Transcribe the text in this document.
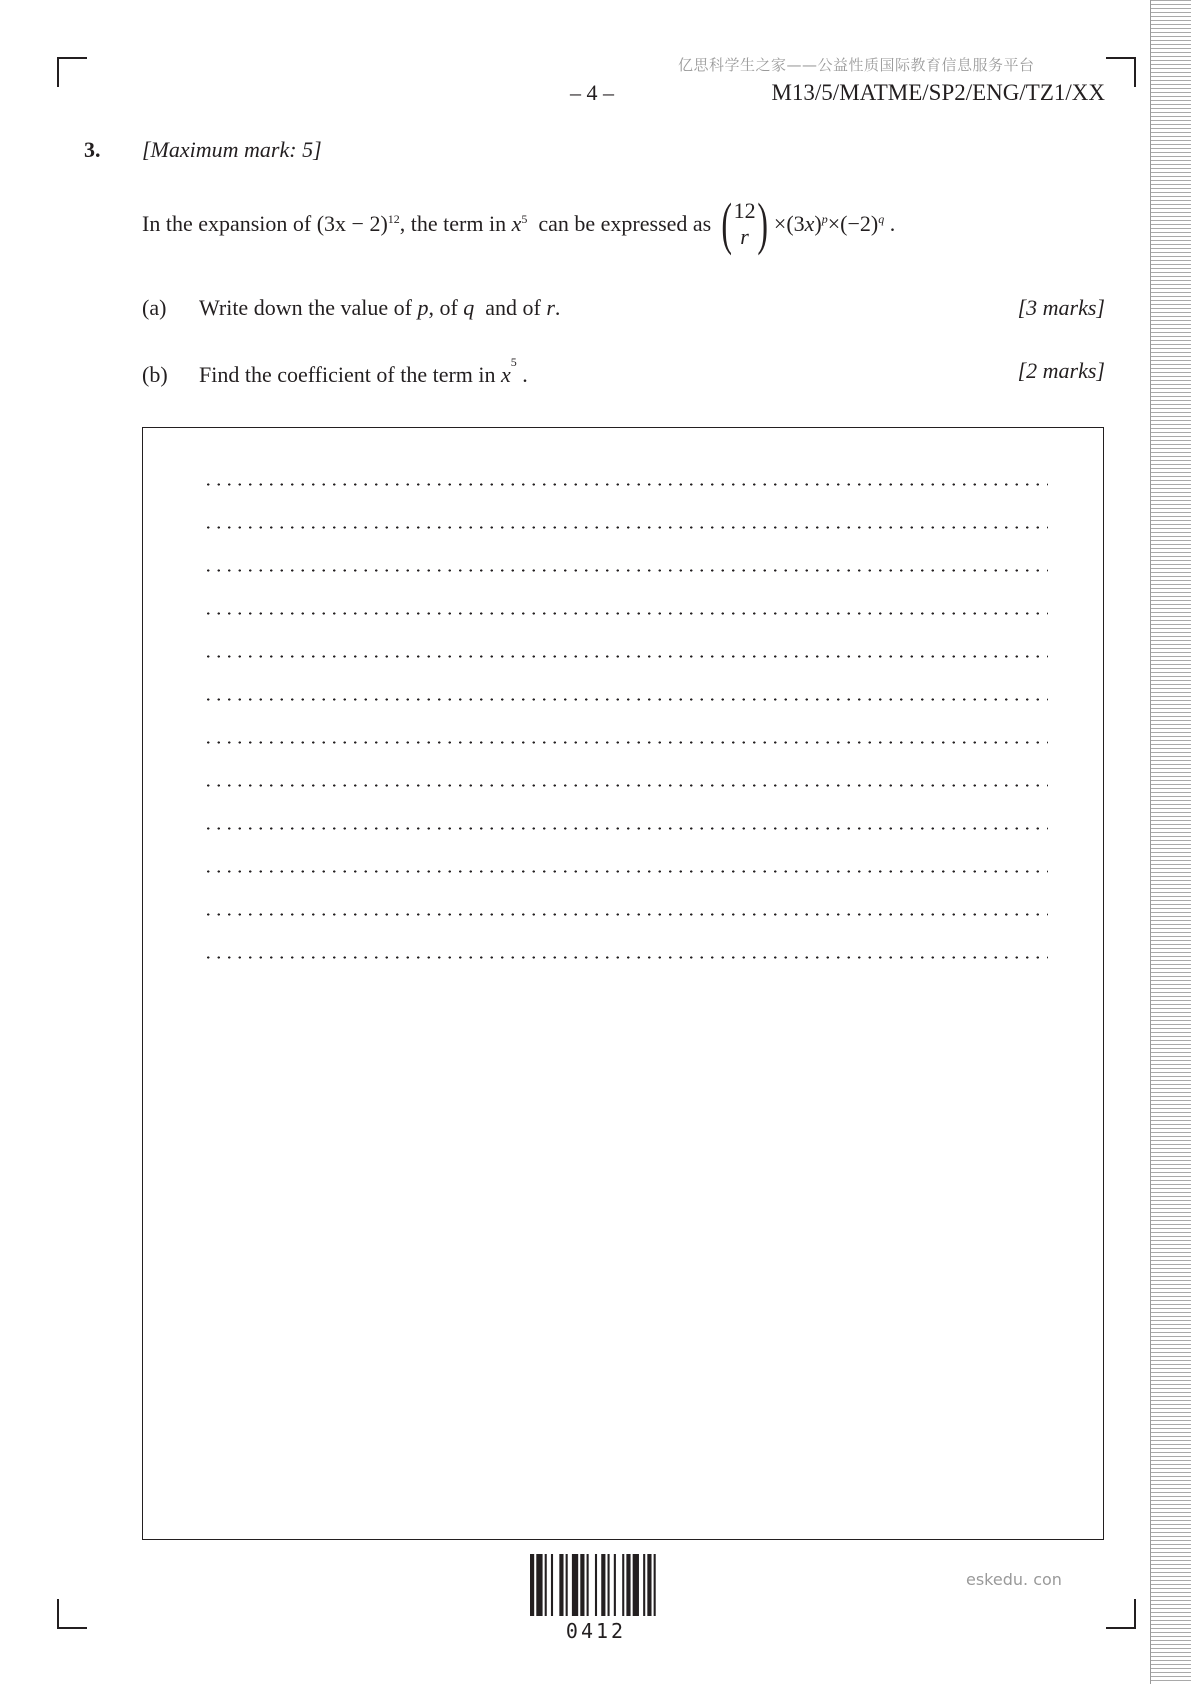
亿思科学生之家——公益性质国际教育信息服务平台
– 4 –	M13/5/MATME/SP2/ENG/TZ1/XX
3. [Maximum mark: 5]
In the expansion of
$(3x - 2)^{12}$ , the term in
$x^5$
can be expressed as ( 12
r ) $\times(3x)^p\times(-2)^q$ .
(a) Write down the value of p, of q and of r.	[3 marks]
(b) Find the coefficient of the term in $x^5$ .	[2 marks]
0412
eskedu. con
